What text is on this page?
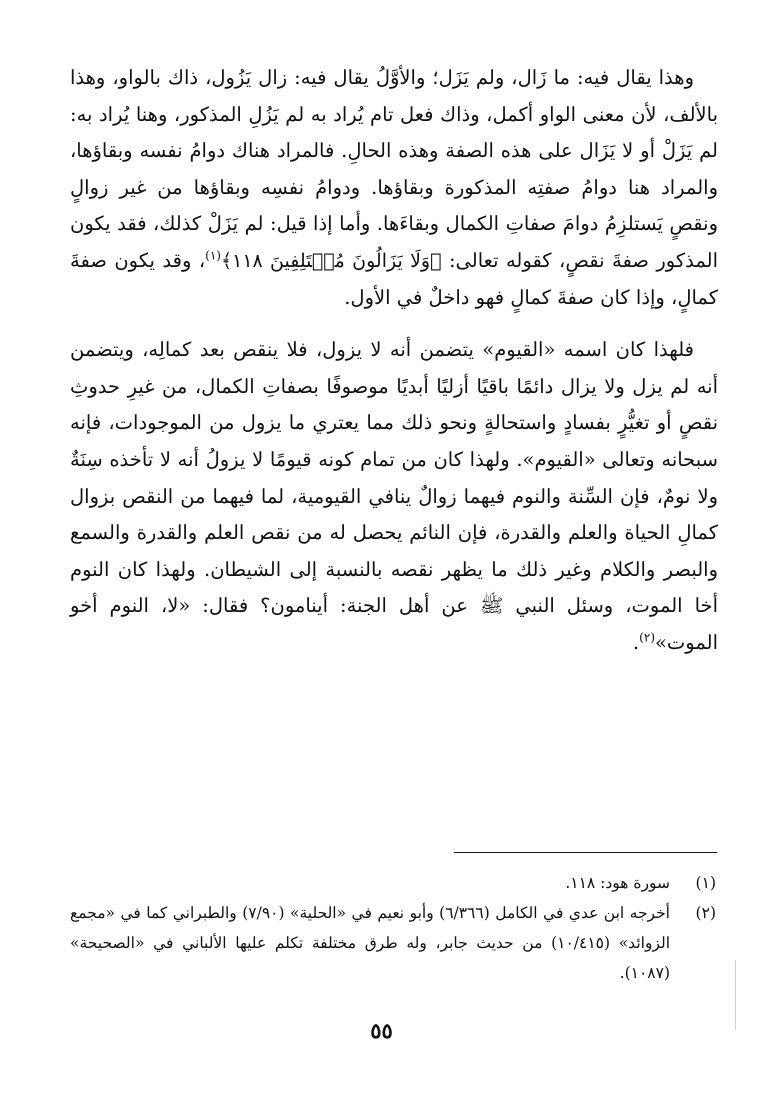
وهذا يقال فيه: ما زَال، ولم يَزَل؛ والأوَّلُ يقال فيه: زال يَزُول، ذاك بالواو، وهذا بالألف، لأن معنى الواو أكمل، وذاك فعل تام يُراد به لم يَزُلِ المذكور، وهنا يُراد به: لم يَزَلْ أو لا يَزَال على هذه الصفة وهذه الحالِ. فالمراد هناك دوامُ نفسه وبقاؤها، والمراد هنا دوامُ صفتِه المذكورة وبقاؤها. ودوامُ نفسِه وبقاؤها من غير زوالٍ ونقصٍ يَستلزِمُ دوامَ صفاتِ الكمال وبقاءَها. وأما إذا قيل: لم يَزَلْ كذلك، فقد يكون المذكور صفةَ نقصٍ، كقوله تعالى: ﴿وَلَا يَزَالُونَ مُخۡتَلِفِينَ ١١٨﴾$^{(١)}$، وقد يكون صفةَ كمالٍ، وإذا كان صفةَ كمالٍ فهو داخلٌ في الأول.

فلهذا كان اسمه «القيوم» يتضمن أنه لا يزول، فلا ينقص بعد كمالِه، ويتضمن أنه لم يزل ولا يزال دائمًا باقيًا أزليًا أبديًا موصوفًا بصفاتِ الكمال، من غيرِ حدوثِ نقصٍ أو تغيُّرٍ بفسادٍ واستحالةٍ ونحو ذلك مما يعتري ما يزول من الموجودات، فإنه سبحانه وتعالى «القيوم». ولهذا كان من تمام كونه قيومًا لا يزولُ أنه لا تأخذه سِنَةٌ ولا نومٌ، فإن السِّنة والنوم فيهما زوالٌ ينافي القيومية، لما فيهما من النقص بزوال كمالِ الحياة والعلم والقدرة، فإن النائم يحصل له من نقص العلم والقدرة والسمع والبصر والكلام وغير ذلك ما يظهر نقصه بالنسبة إلى الشيطان. ولهذا كان النوم أخا الموت، وسئل النبي ﷺ عن أهل الجنة: أينامون؟ فقال: «لا، النوم أخو الموت»$^{(٢)}$.

(١)
سورة هود: ١١٨.

(٢)
أخرجه ابن عدي في الكامل (٦/٣٦٦) وأبو نعيم في «الحلية» (٧/٩٠) والطبراني كما في «مجمع الزوائد» (١٠/٤١٥) من حديث جابر، وله طرق مختلفة تكلم عليها الألباني في «الصحيحة» (١٠٨٧).

٥٥
